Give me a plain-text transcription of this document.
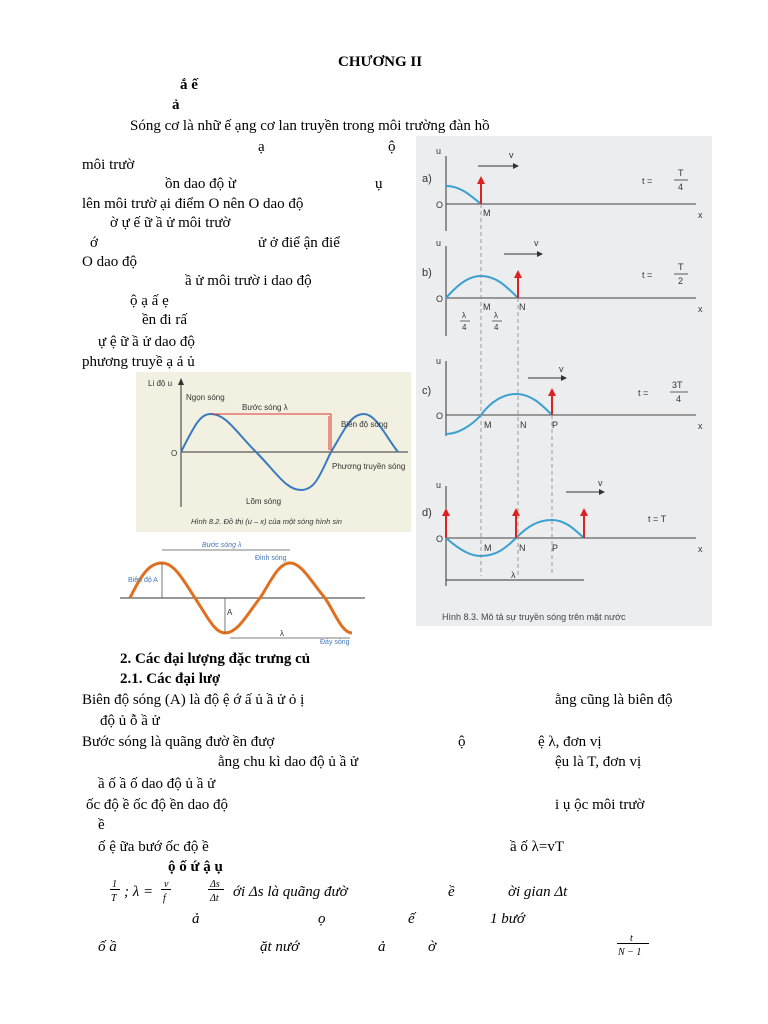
CHƯƠNG II
ắ ế
ả
Sóng cơ là nhữ ế ạng cơ lan truyền trong môi trường đàn hồ
ạ	ộ
môi trườ
ồn dao độ ừ	ụ
lên môi trườ ại điểm O nên O dao độ
ờ ự ế ữ ầ ử môi trườ
ớ	ử ở điể ận điể
O dao độ
ầ ử môi trườ i dao độ
ộ ạ ấ ẹ
ền đi rấ
ự ệ ữ ầ ử dao độ
phương truyề ạ ả ủ
Li độ u
Ngọn sóng
Bước sóng λ
Biên độ sóng
O
Phương truyền sóng
Lõm sóng
Hình 8.2. Đồ thị (u – x) của một sóng hình sin
Bước sóng λ
Đỉnh sóng
Biên độ A
A
λ
Đáy sóng
a)
u	v
O
M	x
t =
T
4
b)
u	v
O
M	N	x
λ
4
λ
4
t =
T
2
c)
u
v
O
M	N	P	x
t =
3T
4
d)
u	v
O
M	N	P	x
λ
t = T
Hình 8.3. Mô tả sự truyền sóng trên mặt nước
2. Các đại lượng đặc trưng củ
2.1. Các đại lượ
Biên độ sóng (A) là độ ệ ớ ấ ủ ầ ử ỏ ị	ằng cũng là biên độ
độ ủ ỗ ầ ử
Bước sóng là quãng đườ ền đượ	ộ	ệ λ, đơn vị
ằng chu kì dao độ ủ ầ ử	ệu là T, đơn vị
ầ ố ầ ố dao độ ủ ầ ử
ốc độ ề ốc độ ền dao độ	i ụ ộc môi trườ
ề
ố ệ ữa bướ ốc độ ề	ầ ố λ=vT
ộ ố ứ ậ ụ
1
T ; λ = v
f
Δs
Δt ới Δs là quãng đườ	ề	ời gian Δt
ả	ọ	ế	1 bướ
ố ầ	ặt nướ	ả	ờ
t
N − 1
